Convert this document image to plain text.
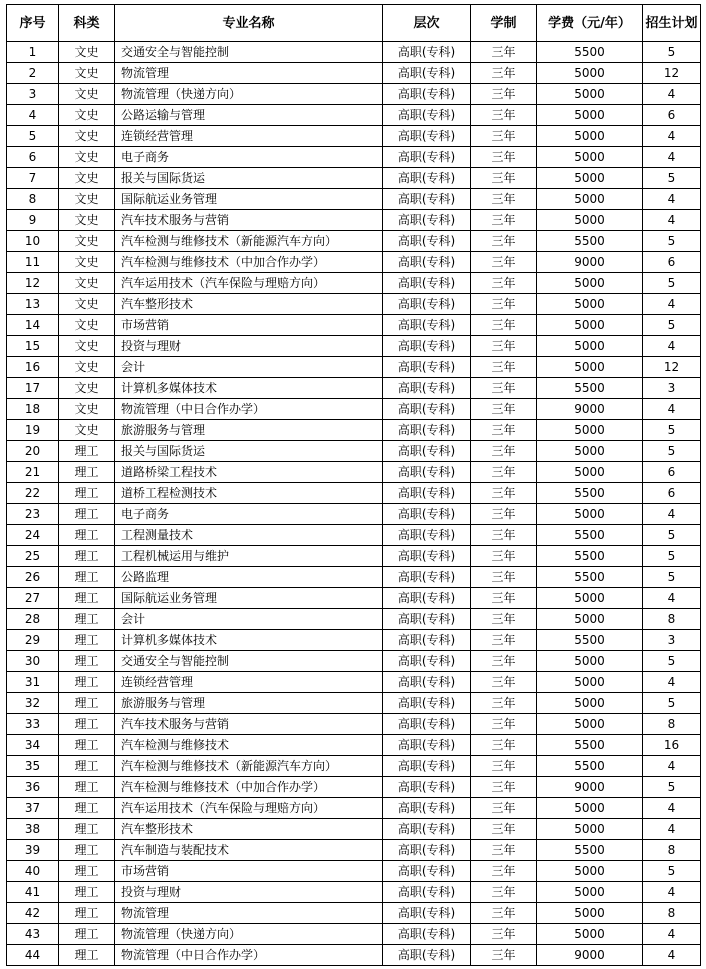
序号	科类	专业名称	层次	学制	学费（元/年）	招生计划
1	文史	交通安全与智能控制	高职(专科)	三年	5500	5
2	文史	物流管理	高职(专科)	三年	5000	12
3	文史	物流管理（快递方向）	高职(专科)	三年	5000	4
4	文史	公路运输与管理	高职(专科)	三年	5000	6
5	文史	连锁经营管理	高职(专科)	三年	5000	4
6	文史	电子商务	高职(专科)	三年	5000	4
7	文史	报关与国际货运	高职(专科)	三年	5000	5
8	文史	国际航运业务管理	高职(专科)	三年	5000	4
9	文史	汽车技术服务与营销	高职(专科)	三年	5000	4
10	文史	汽车检测与维修技术（新能源汽车方向）	高职(专科)	三年	5500	5
11	文史	汽车检测与维修技术（中加合作办学）	高职(专科)	三年	9000	6
12	文史	汽车运用技术（汽车保险与理赔方向）	高职(专科)	三年	5000	5
13	文史	汽车整形技术	高职(专科)	三年	5000	4
14	文史	市场营销	高职(专科)	三年	5000	5
15	文史	投资与理财	高职(专科)	三年	5000	4
16	文史	会计	高职(专科)	三年	5000	12
17	文史	计算机多媒体技术	高职(专科)	三年	5500	3
18	文史	物流管理（中日合作办学）	高职(专科)	三年	9000	4
19	文史	旅游服务与管理	高职(专科)	三年	5000	5
20	理工	报关与国际货运	高职(专科)	三年	5000	5
21	理工	道路桥梁工程技术	高职(专科)	三年	5000	6
22	理工	道桥工程检测技术	高职(专科)	三年	5500	6
23	理工	电子商务	高职(专科)	三年	5000	4
24	理工	工程测量技术	高职(专科)	三年	5500	5
25	理工	工程机械运用与维护	高职(专科)	三年	5500	5
26	理工	公路监理	高职(专科)	三年	5500	5
27	理工	国际航运业务管理	高职(专科)	三年	5000	4
28	理工	会计	高职(专科)	三年	5000	8
29	理工	计算机多媒体技术	高职(专科)	三年	5500	3
30	理工	交通安全与智能控制	高职(专科)	三年	5000	5
31	理工	连锁经营管理	高职(专科)	三年	5000	4
32	理工	旅游服务与管理	高职(专科)	三年	5000	5
33	理工	汽车技术服务与营销	高职(专科)	三年	5000	8
34	理工	汽车检测与维修技术	高职(专科)	三年	5500	16
35	理工	汽车检测与维修技术（新能源汽车方向）	高职(专科)	三年	5500	4
36	理工	汽车检测与维修技术（中加合作办学）	高职(专科)	三年	9000	5
37	理工	汽车运用技术（汽车保险与理赔方向）	高职(专科)	三年	5000	4
38	理工	汽车整形技术	高职(专科)	三年	5000	4
39	理工	汽车制造与装配技术	高职(专科)	三年	5500	8
40	理工	市场营销	高职(专科)	三年	5000	5
41	理工	投资与理财	高职(专科)	三年	5000	4
42	理工	物流管理	高职(专科)	三年	5000	8
43	理工	物流管理（快递方向）	高职(专科)	三年	5000	4
44	理工	物流管理（中日合作办学）	高职(专科)	三年	9000	4
